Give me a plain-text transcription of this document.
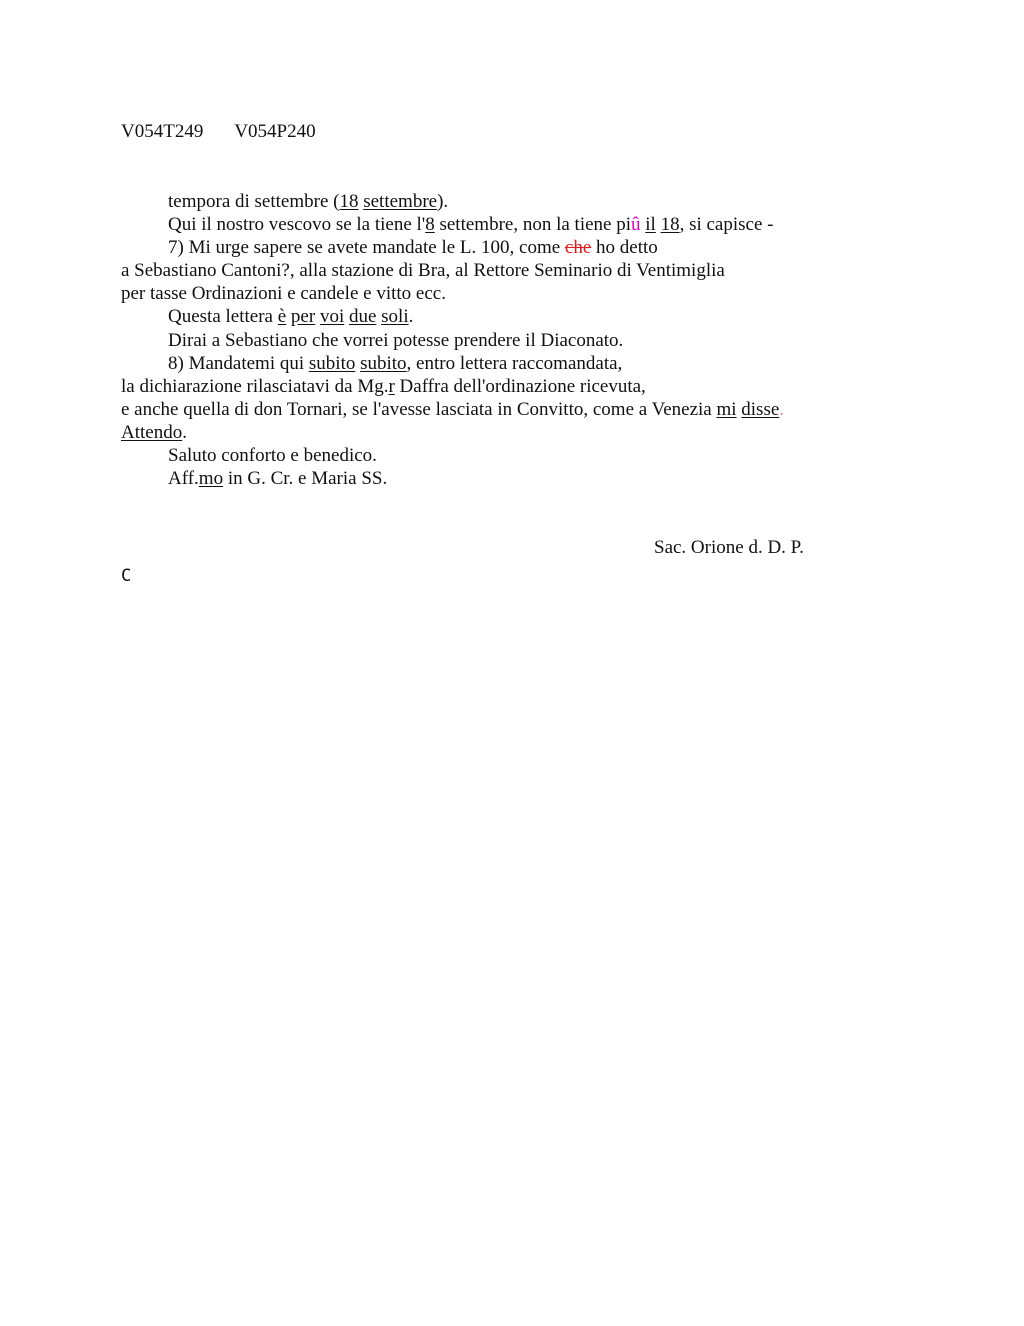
V054T249 V054P240
tempora di settembre (18 settembre).
Qui il nostro vescovo se la tiene l'8 settembre, non la tiene piû il 18, si capisce -
7) Mi urge sapere se avete mandate le L. 100, come che ho detto
a Sebastiano Cantoni?, alla stazione di Bra, al Rettore Seminario di Ventimiglia
per tasse Ordinazioni e candele e vitto ecc.
Questa lettera è per voi due soli.
Dirai a Sebastiano che vorrei potesse prendere il Diaconato.
8) Mandatemi qui subito subito, entro lettera raccomandata,
la dichiarazione rilasciatavi da Mg.r Daffra dell'ordinazione ricevuta,
e anche quella di don Tornari, se l'avesse lasciata in Convitto, come a Venezia mi disse.
Attendo.
Saluto conforto e benedico.
Aff.mo in G. Cr. e Maria SS.
Sac. Orione d. D. P.
C
